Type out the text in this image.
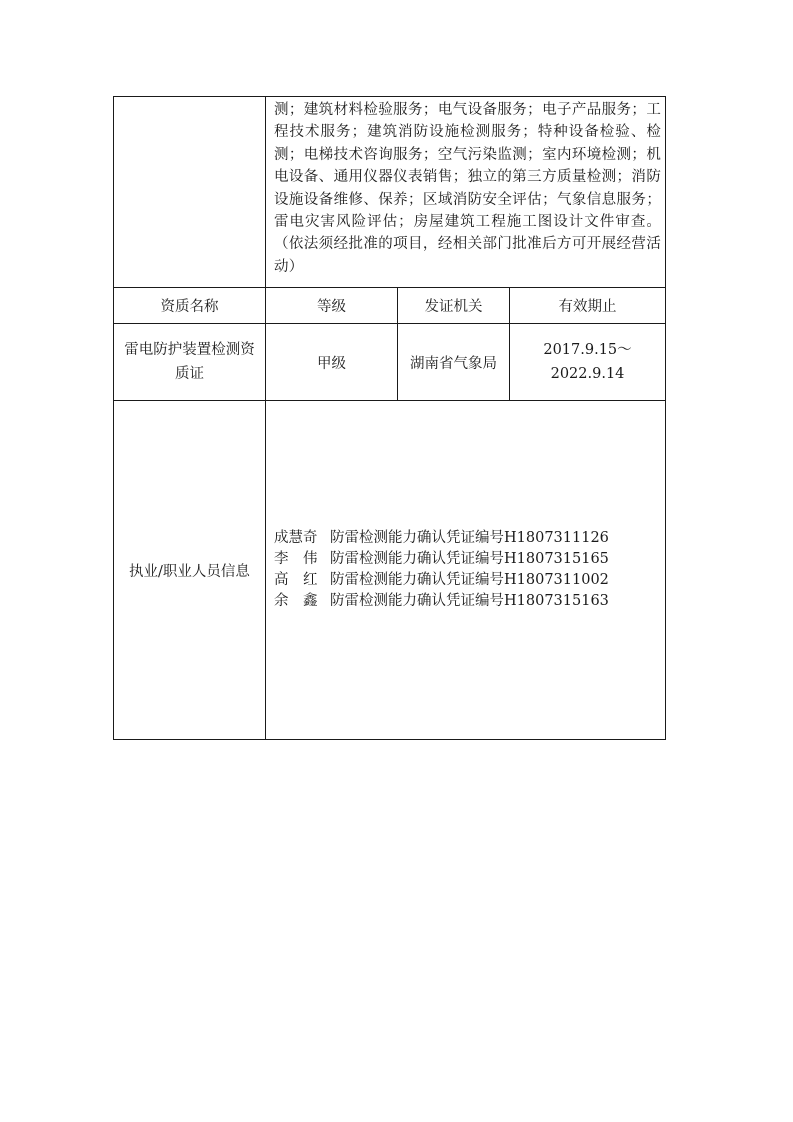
	测；建筑材料检验服务；电气设备服务；电子产品服务；工程技术服务；建筑消防设施检测服务；特种设备检验、检测；电梯技术咨询服务；空气污染监测；室内环境检测；机电设备、通用仪器仪表销售；独立的第三方质量检测；消防设施设备维修、保养；区域消防安全评估；气象信息服务；雷电灾害风险评估；房屋建筑工程施工图设计文件审查。（依法须经批准的项目，经相关部门批准后方可开展经营活动）		
资质名称	等级	发证机关	有效期止
雷电防护装置检测资质证	甲级	湖南省气象局	2017.9.15～2022.9.14
执业/职业人员信息	成慧奇 防雷检测能力确认凭证编号H1807311126
李　伟 防雷检测能力确认凭证编号H1807315165
高　红 防雷检测能力确认凭证编号H1807311002
余　鑫 防雷检测能力确认凭证编号H1807315163		
